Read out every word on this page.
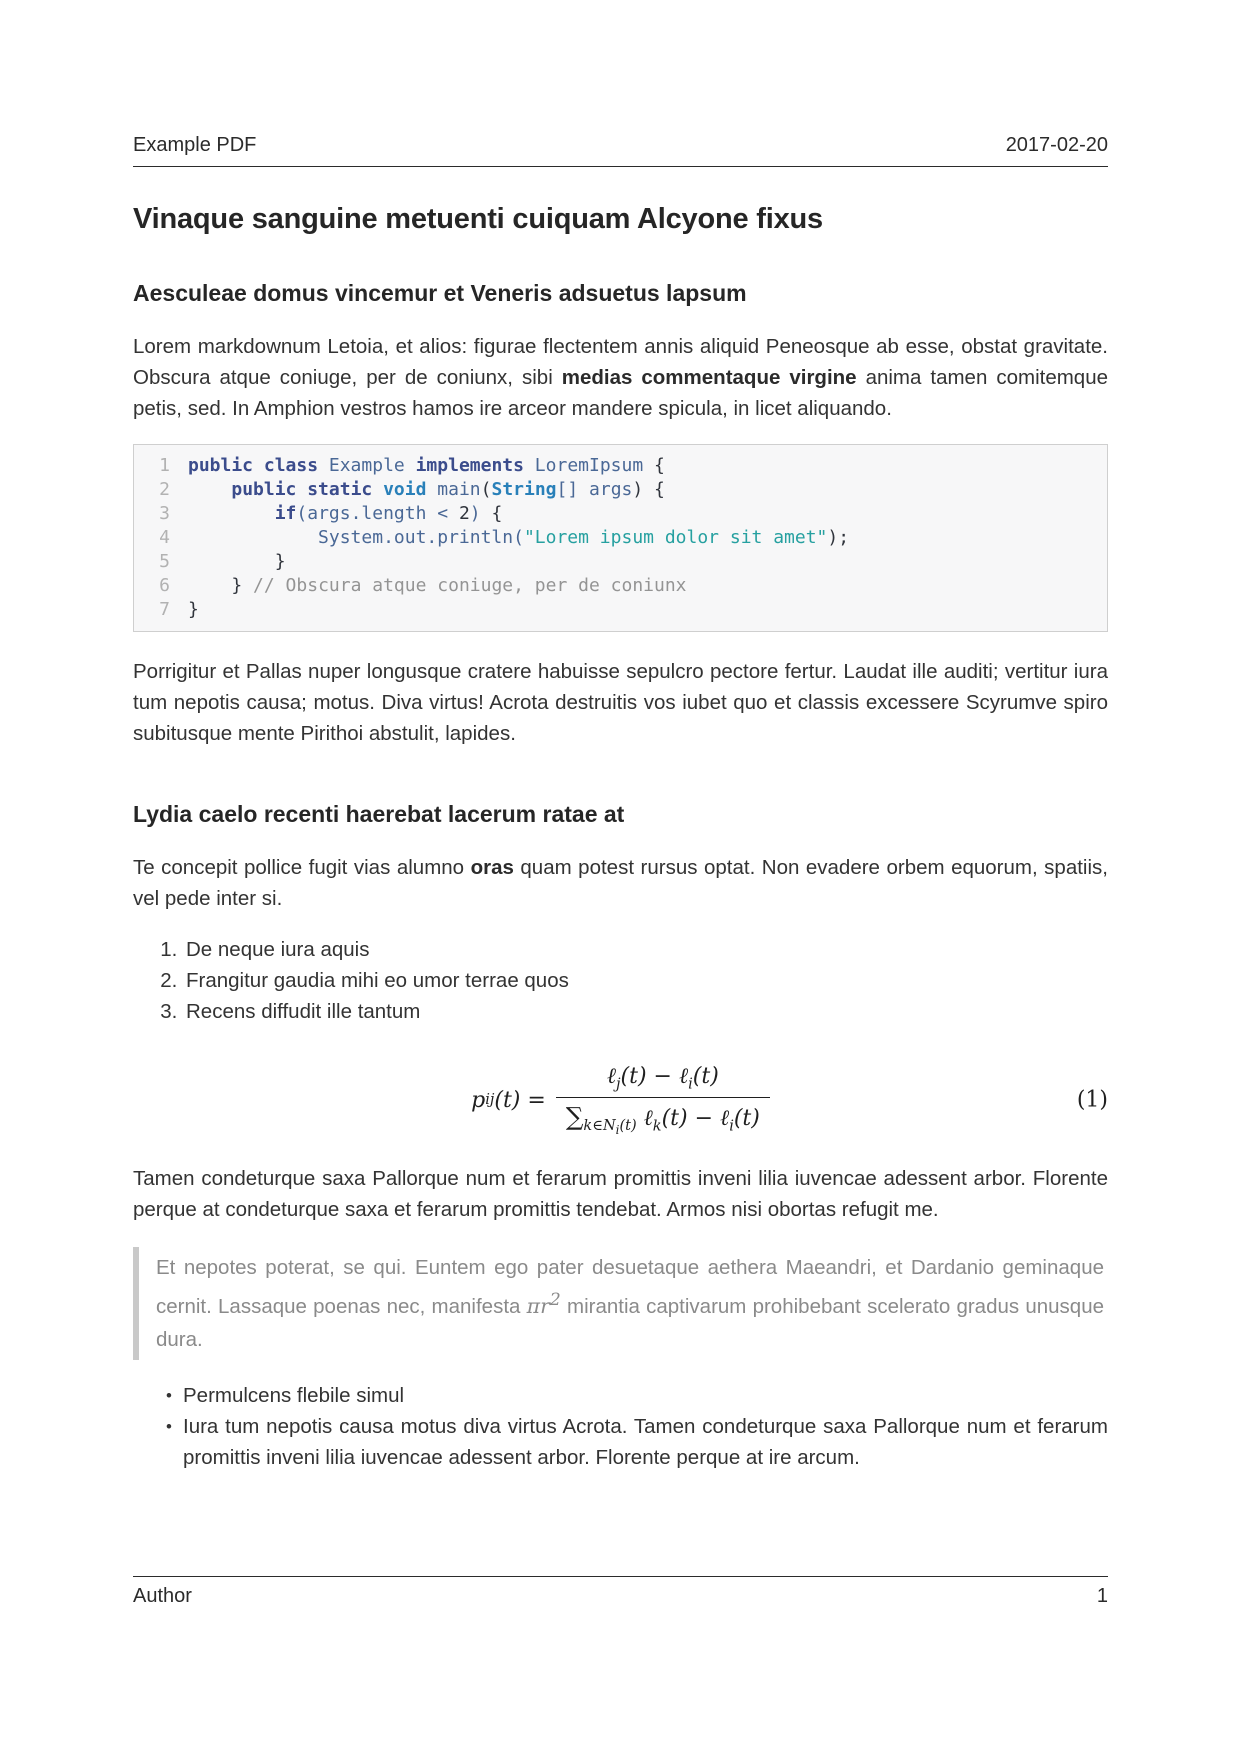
Example PDF	2017-02-20
Vinaque sanguine metuenti cuiquam Alcyone fixus
Aesculeae domus vincemur et Veneris adsuetus lapsum

Lorem markdownum Letoia, et alios: figurae flectentem annis aliquid Peneosque ab esse, obstat gravitate. Obscura atque coniuge, per de coniunx, sibi medias commentaque virgine anima tamen comitemque petis, sed. In Amphion vestros hamos ire arceor mandere spicula, in licet aliquando.

1 public class Example implements LoremIpsum {
2
	public static
void main ( String [] args ) {
3
	if (args.length < 2 ) {
4 System.out.println( "Lorem ipsum dolor sit amet" );
5
	}
6
	} // Obscura atque coniuge, per de coniunx
7 }

Porrigitur et Pallas nuper longusque cratere habuisse sepulcro pectore fertur. Laudat ille auditi; vertitur iura tum nepotis causa; motus. Diva virtus! Acrota destruitis vos iubet quo et classis excessere Scyrumve spiro subitusque mente Pirithoi abstulit, lapides.

Lydia caelo recenti haerebat lacerum ratae at

Te concepit pollice fugit vias alumno oras quam potest rursus optat. Non evadere orbem equorum, spatiis, vel pede inter si.

1. De neque iura aquis
2. Frangitur gaudia mihi eo umor terrae quos
3. Recens diffudit ille tantum
p ij $(t) = \frac{\ell_j(t) - \ell_i(t)}{\sum_{k\in N_i(t)} \ell_k(t) - \ell_i(t)}$	(1)

Tamen condeturque saxa Pallorque num et ferarum promittis inveni lilia iuvencae adessent arbor. Florente perque at condeturque saxa et ferarum promittis tendebat. Armos nisi obortas refugit me.

Et nepotes poterat, se qui. Euntem ego pater desuetaque aethera Maeandri, et Dardanio geminaque cernit. Lassaque poenas nec, manifesta $\pi r^2$ mirantia captivarum prohibebant scelerato gradus unusque dura.
• Permulcens flebile simul
• Iura tum nepotis causa motus diva virtus Acrota. Tamen condeturque saxa Pallorque num et ferarum promittis inveni lilia iuvencae adessent arbor. Florente perque at ire arcum.
Author	1
